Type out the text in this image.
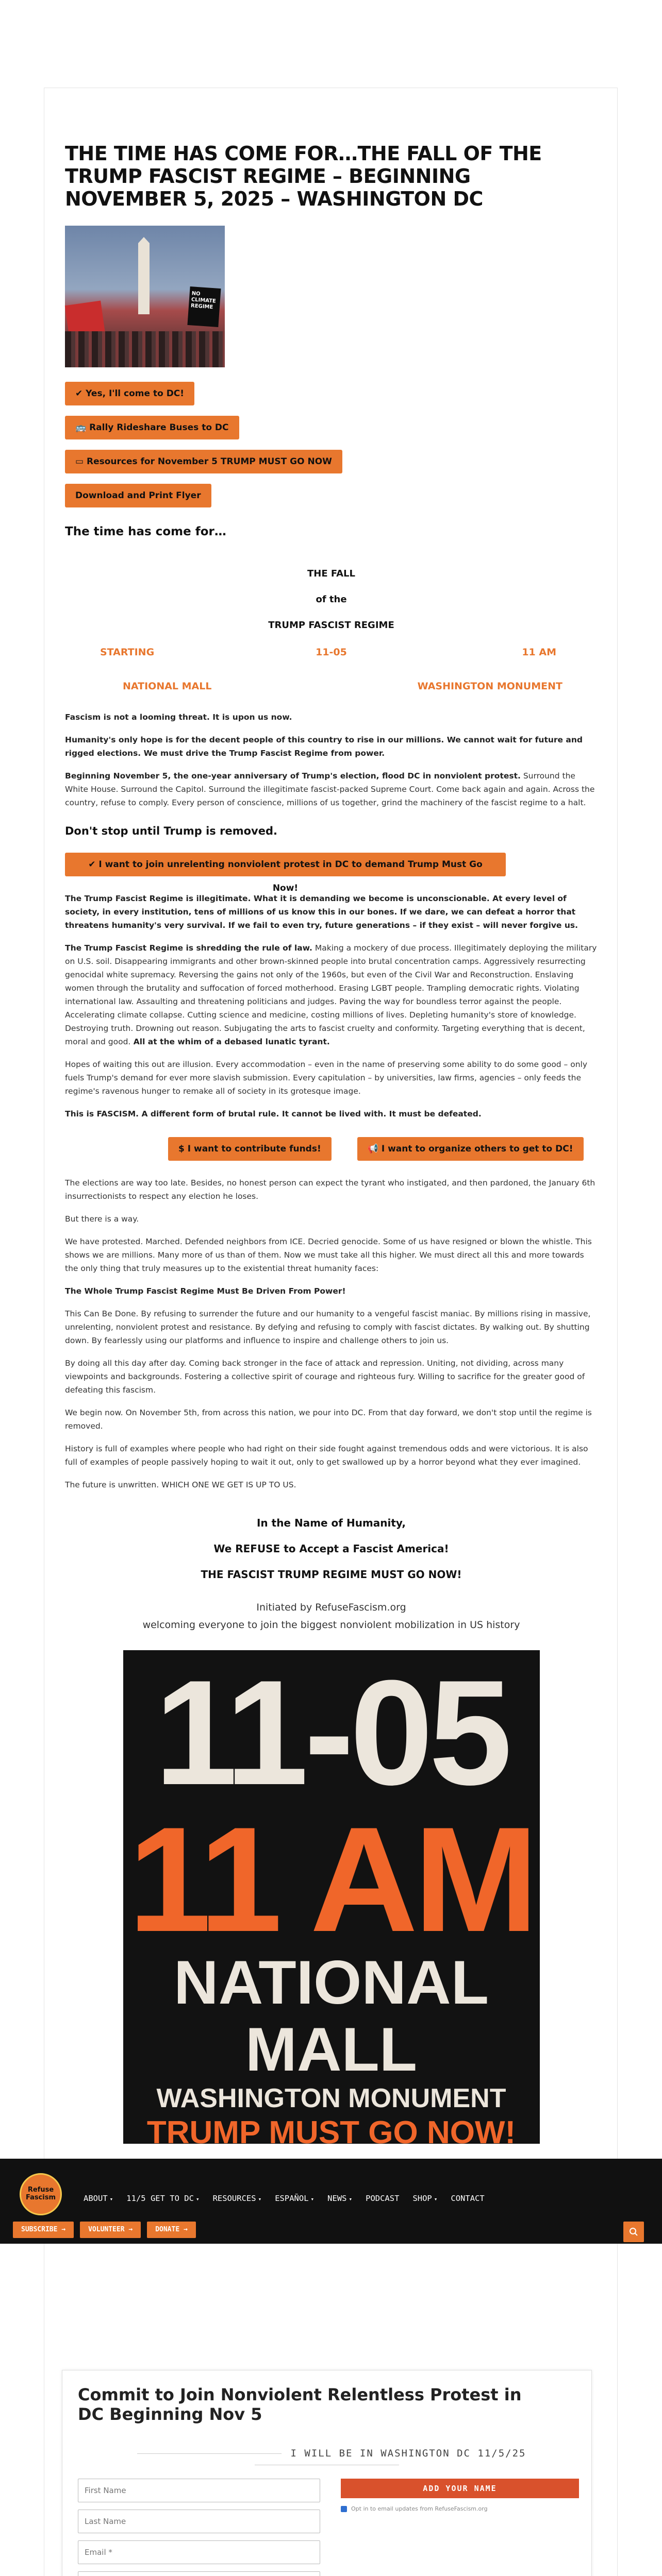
THE TIME HAS COME FOR…THE FALL OF THE TRUMP FASCIST REGIME – BEGINNING NOVEMBER 5, 2025 – WASHINGTON DC
NO
CLIMATE
REGIME
✔ Yes, I'll come to DC!
🚌 Rally Rideshare Buses to DC
▭ Resources for November 5 TRUMP MUST GO NOW
Download and Print Flyer
The time has come for…
THE FALL
of the
TRUMP FASCIST REGIME
STARTING	11-05	11 AM
NATIONAL MALL	WASHINGTON MONUMENT

Fascism is not a looming threat. It is upon us now.

Humanity's only hope is for the decent people of this country to rise in our millions. We cannot wait for future and rigged elections. We must drive the Trump Fascist Regime from power.

Beginning November 5, the one-year anniversary of Trump's election, flood DC in nonviolent protest. Surround the White House. Surround the Capitol. Surround the illegitimate fascist-packed Supreme Court. Come back again and again. Across the country, refuse to comply. Every person of conscience, millions of us together, grind the machinery of the fascist regime to a halt.

Don't stop until Trump is removed.
✔ I want to join unrelenting nonviolent protest in DC to demand Trump Must Go Now!

The Trump Fascist Regime is illegitimate. What it is demanding we become is unconscionable. At every level of society, in every institution, tens of millions of us know this in our bones. If we dare, we can defeat a horror that threatens humanity's very survival. If we fail to even try, future generations – if they exist – will never forgive us.

The Trump Fascist Regime is shredding the rule of law. Making a mockery of due process. Illegitimately deploying the military on U.S. soil. Disappearing immigrants and other brown-skinned people into brutal concentration camps. Aggressively resurrecting genocidal white supremacy. Reversing the gains not only of the 1960s, but even of the Civil War and Reconstruction. Enslaving women through the brutality and suffocation of forced motherhood. Erasing LGBT people. Trampling democratic rights. Violating international law. Assaulting and threatening politicians and judges. Paving the way for boundless terror against the people. Accelerating climate collapse. Cutting science and medicine, costing millions of lives. Depleting humanity's store of knowledge. Destroying truth. Drowning out reason. Subjugating the arts to fascist cruelty and conformity. Targeting everything that is decent, moral and good. All at the whim of a debased lunatic tyrant.

Hopes of waiting this out are illusion. Every accommodation – even in the name of preserving some ability to do some good – only fuels Trump's demand for ever more slavish submission. Every capitulation – by universities, law firms, agencies – only feeds the regime's ravenous hunger to remake all of society in its grotesque image.

This is FASCISM. A different form of brutal rule. It cannot be lived with. It must be defeated.

$ I want to contribute funds!	📢 I want to organize others to get to DC!

The elections are way too late. Besides, no honest person can expect the tyrant who instigated, and then pardoned, the January 6th insurrectionists to respect any election he loses.

But there is a way.

We have protested. Marched. Defended neighbors from ICE. Decried genocide. Some of us have resigned or blown the whistle. This shows we are millions. Many more of us than of them. Now we must take all this higher. We must direct all this and more towards the only thing that truly measures up to the existential threat humanity faces:

The Whole Trump Fascist Regime Must Be Driven From Power!

This Can Be Done. By refusing to surrender the future and our humanity to a vengeful fascist maniac. By millions rising in massive, unrelenting, nonviolent protest and resistance. By defying and refusing to comply with fascist dictates. By walking out. By shutting down. By fearlessly using our platforms and influence to inspire and challenge others to join us.

By doing all this day after day. Coming back stronger in the face of attack and repression. Uniting, not dividing, across many viewpoints and backgrounds. Fostering a collective spirit of courage and righteous fury. Willing to sacrifice for the greater good of defeating this fascism.

We begin now. On November 5th, from across this nation, we pour into DC. From that day forward, we don't stop until the regime is removed.

History is full of examples where people who had right on their side fought against tremendous odds and were victorious. It is also full of examples of people passively hoping to wait it out, only to get swallowed up by a horror beyond what they ever imagined.

The future is unwritten. WHICH ONE WE GET IS UP TO US.

In the Name of Humanity,
We REFUSE to Accept a Fascist America!
THE FASCIST TRUMP REGIME MUST GO NOW!
Initiated by RefuseFascism.org
welcoming everyone to join the biggest nonviolent mobilization in US history
11-05
11 AM
NATIONAL MALL
WASHINGTON MONUMENT
TRUMP MUST GO NOW!
Refuse Fascism	ABOUT ▾ 11/5 GET TO DC ▾ RESOURCES ▾ ESPAÑOL ▾ NEWS ▾ PODCAST SHOP ▾ CONTACT
SUBSCRIBE →	VOLUNTEER →	DONATE →
Commit to Join Nonviolent Relentless Protest in DC Beginning Nov 5
I WILL BE IN WASHINGTON DC 11/5/25
First Name
Last Name
Email *
Mobile Number: 000-1234-5678
ADD YOUR NAME
Opt in to email updates from RefuseFascism.org
